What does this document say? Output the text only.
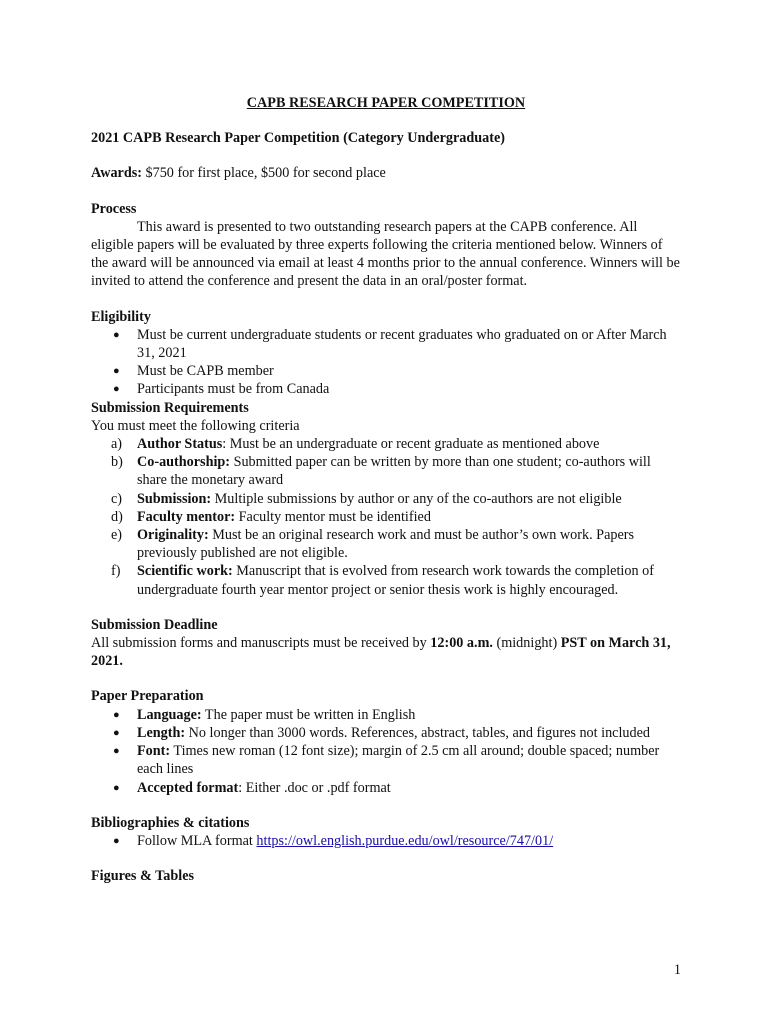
CAPB RESEARCH PAPER COMPETITION

2021 CAPB Research Paper Competition (Category Undergraduate)

Awards: $750 for first place, $500 for second place

Process

This award is presented to two outstanding research papers at the CAPB conference. All eligible papers will be evaluated by three experts following the criteria mentioned below. Winners of the award will be announced via email at least 4 months prior to the annual conference. Winners will be invited to attend the conference and present the data in an oral/poster format.

Eligibility

● Must be current undergraduate students or recent graduates who graduated on or After March 31, 2021
● Must be CAPB member
● Participants must be from Canada

Submission Requirements

You must meet the following criteria

a) Author Status: Must be an undergraduate or recent graduate as mentioned above
b) Co-authorship: Submitted paper can be written by more than one student; co-authors will share the monetary award
c) Submission: Multiple submissions by author or any of the co-authors are not eligible
d) Faculty mentor: Faculty mentor must be identified
e) Originality: Must be an original research work and must be author’s own work. Papers previously published are not eligible.
f) Scientific work: Manuscript that is evolved from research work towards the completion of undergraduate fourth year mentor project or senior thesis work is highly encouraged.

Submission Deadline

All submission forms and manuscripts must be received by 12:00 a.m. (midnight) PST on March 31, 2021.

Paper Preparation

● Language: The paper must be written in English
● Length: No longer than 3000 words. References, abstract, tables, and figures not included
● Font: Times new roman (12 font size); margin of 2.5 cm all around; double spaced; number each lines
● Accepted format: Either .doc or .pdf format

Bibliographies & citations

● Follow MLA format https://owl.english.purdue.edu/owl/resource/747/01/

Figures & Tables

1
